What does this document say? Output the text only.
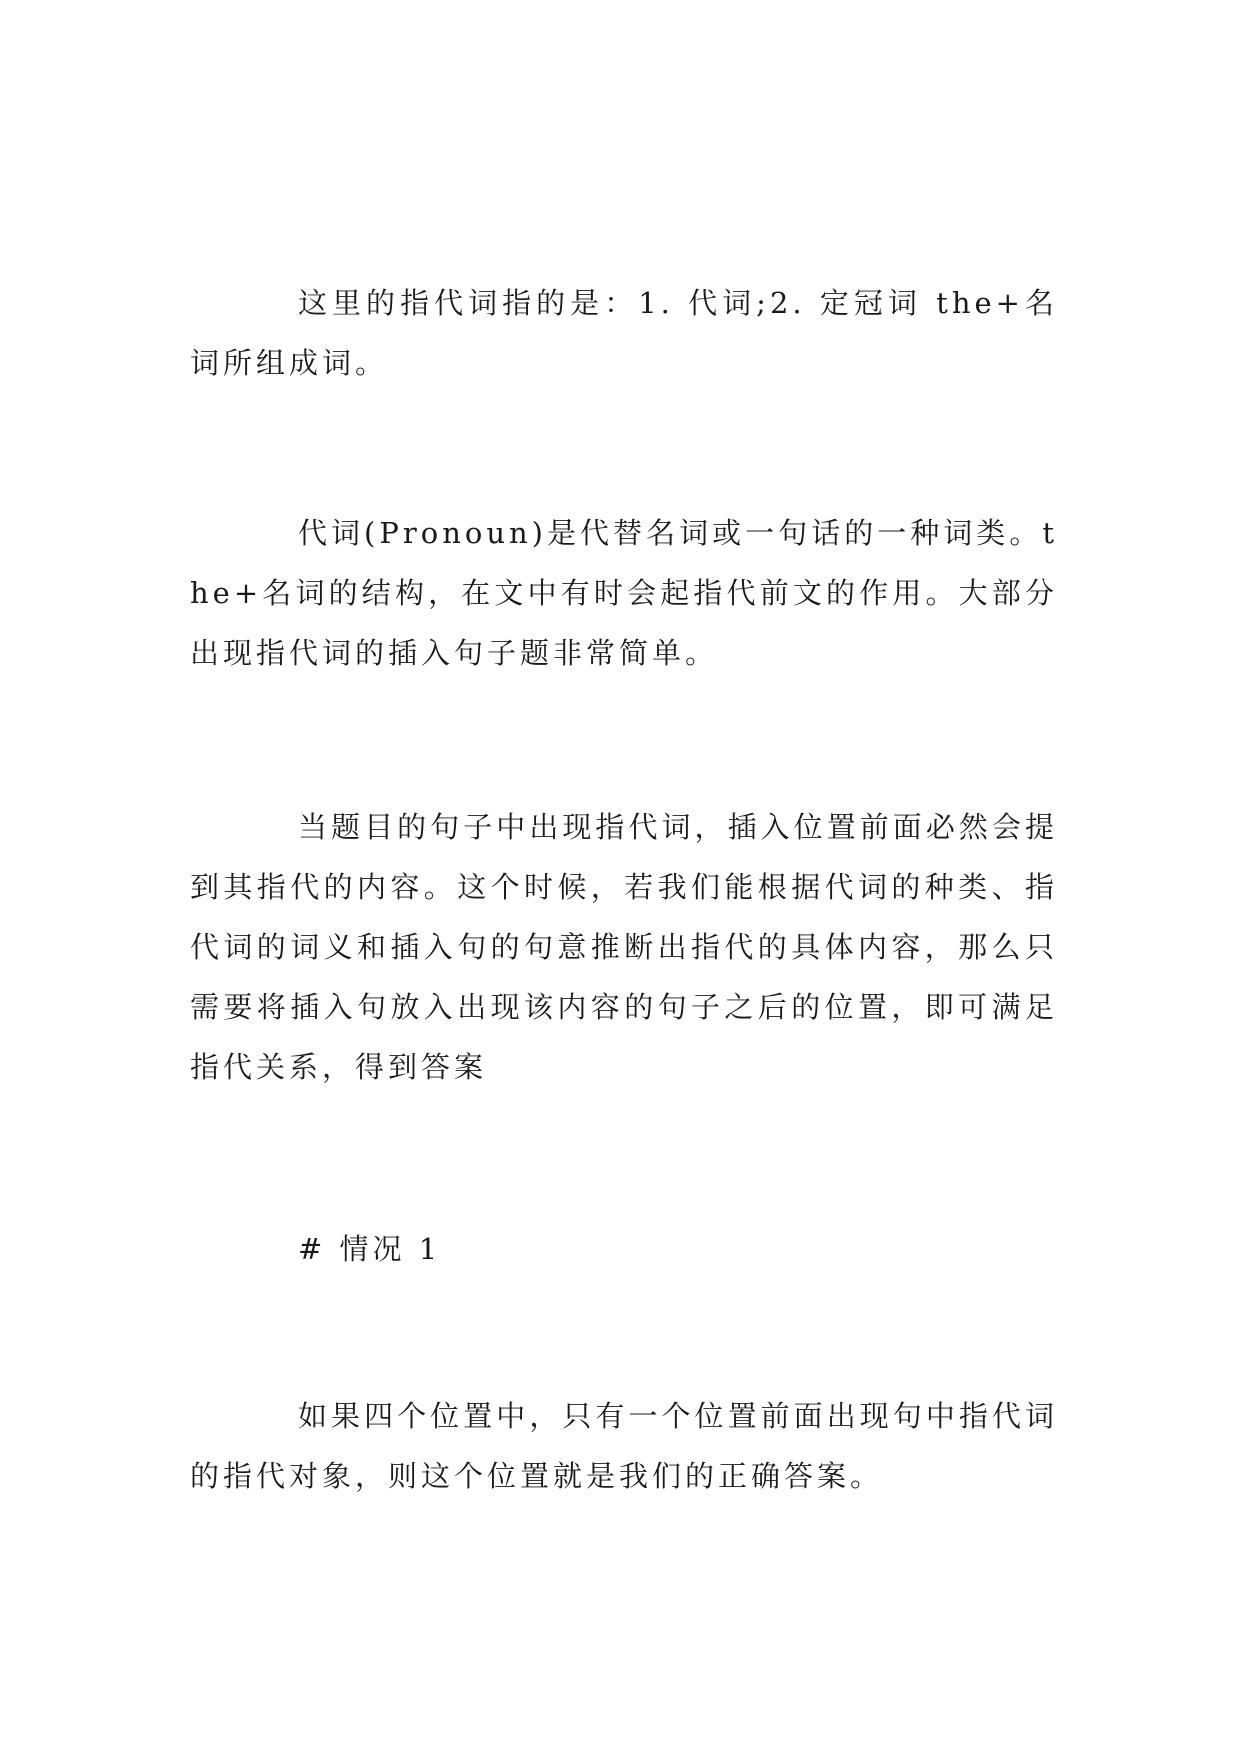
这里的指代词指的是：1. 代词;2. 定冠词 the+名词所组成词。

代词(Pronoun)是代替名词或一句话的一种词类。the+名词的结构，在文中有时会起指代前文的作用。大部分出现指代词的插入句子题非常简单。

当题目的句子中出现指代词，插入位置前面必然会提到其指代的内容。这个时候，若我们能根据代词的种类、指代词的词义和插入句的句意推断出指代的具体内容，那么只需要将插入句放入出现该内容的句子之后的位置，即可满足指代关系，得到答案

# 情况 1

如果四个位置中，只有一个位置前面出现句中指代词的指代对象，则这个位置就是我们的正确答案。
